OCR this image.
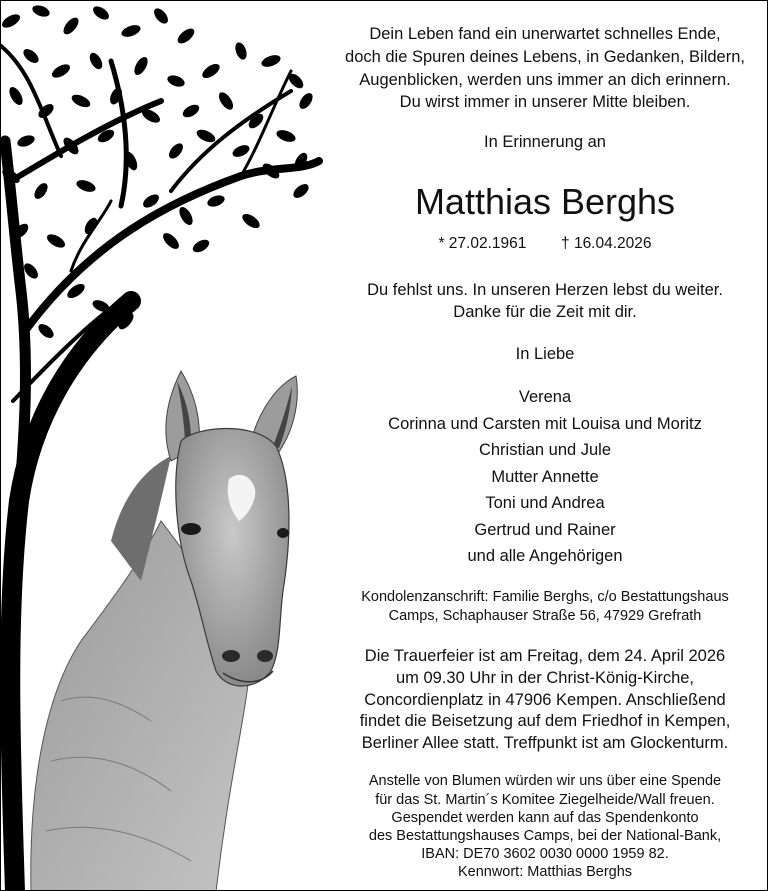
Dein Leben fand ein unerwartet schnelles Ende,
doch die Spuren deines Lebens, in Gedanken, Bildern,
Augenblicken, werden uns immer an dich erinnern.
Du wirst immer in unserer Mitte bleiben.
In Erinnerung an
Matthias Berghs
* 27.02.1961 † 16.04.2026
Du fehlst uns. In unseren Herzen lebst du weiter.
Danke für die Zeit mit dir.
In Liebe
Verena
Corinna und Carsten mit Louisa und Moritz
Christian und Jule
Mutter Annette
Toni und Andrea
Gertrud und Rainer
und alle Angehörigen
Kondolenzanschrift: Familie Berghs, c/o Bestattungshaus
Camps, Schaphauser Straße 56, 47929 Grefrath
Die Trauerfeier ist am Freitag, dem 24. April 2026
um 09.30 Uhr in der Christ-König-Kirche,
Concordienplatz in 47906 Kempen. Anschließend
findet die Beisetzung auf dem Friedhof in Kempen,
Berliner Allee statt. Treffpunkt ist am Glockenturm.
Anstelle von Blumen würden wir uns über eine Spende
für das St. Martin´s Komitee Ziegelheide/Wall freuen.
Gespendet werden kann auf das Spendenkonto
des Bestattungshauses Camps, bei der National-Bank,
IBAN: DE70 3602 0030 0000 1959 82.
Kennwort: Matthias Berghs
